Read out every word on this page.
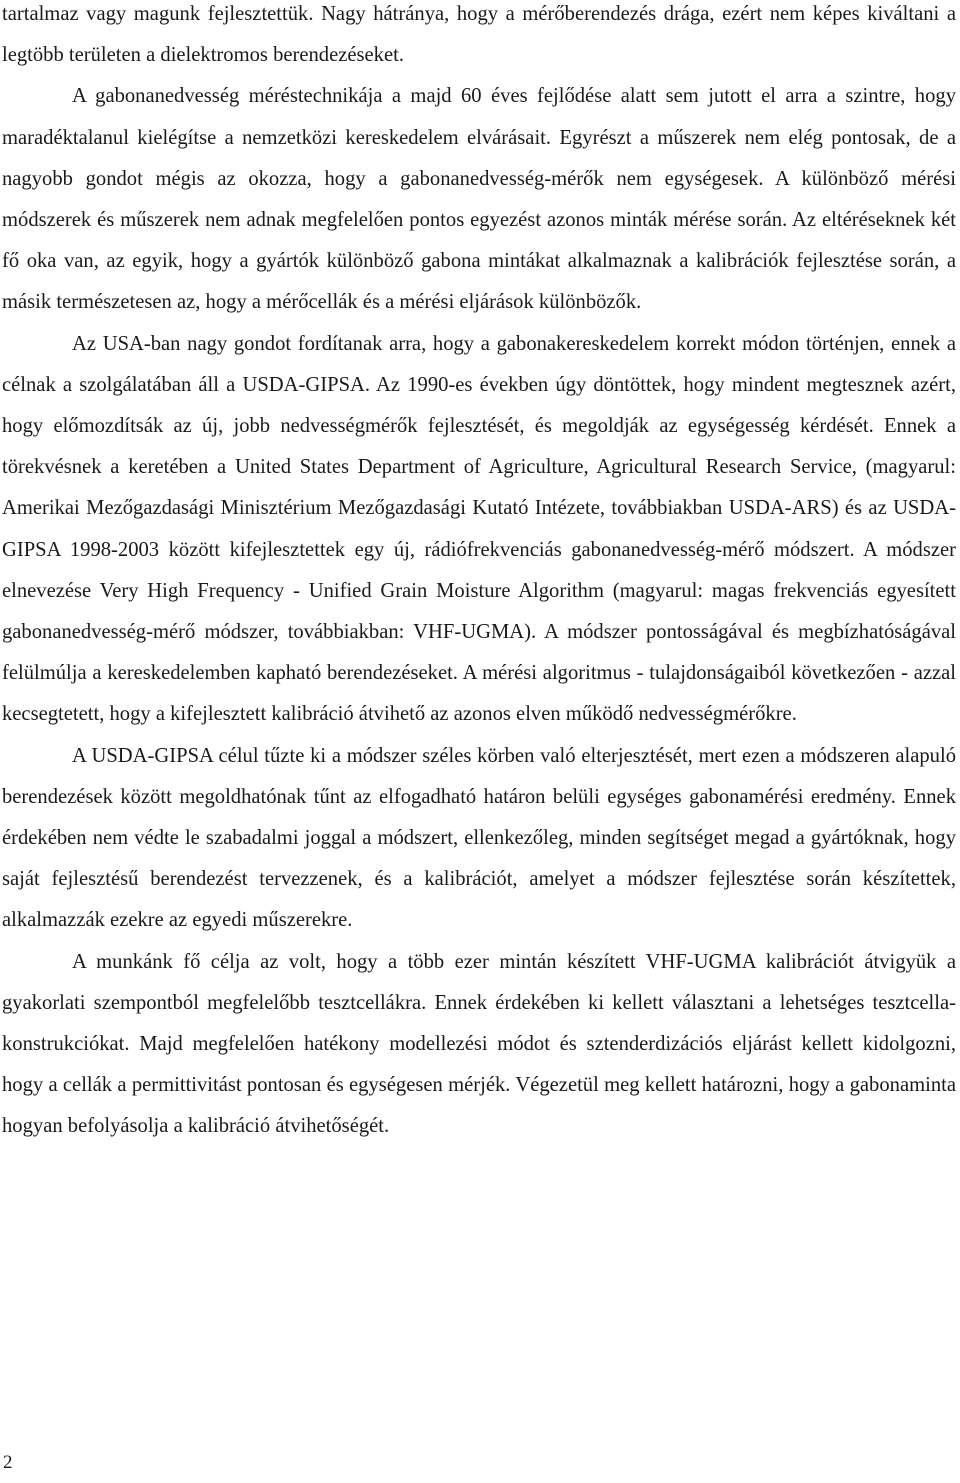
tartalmaz vagy magunk fejlesztettük. Nagy hátránya, hogy a mérőberendezés drága, ezért nem képes kiváltani a legtöbb területen a dielektromos berendezéseket.

A gabonanedvesség méréstechnikája a majd 60 éves fejlődése alatt sem jutott el arra a szintre, hogy maradéktalanul kielégítse a nemzetközi kereskedelem elvárásait. Egyrészt a műszerek nem elég pontosak, de a nagyobb gondot mégis az okozza, hogy a gabonanedvesség-mérők nem egységesek. A különböző mérési módszerek és műszerek nem adnak megfelelően pontos egyezést azonos minták mérése során. Az eltéréseknek két fő oka van, az egyik, hogy a gyártók különböző gabona mintákat alkalmaznak a kalibrációk fejlesztése során, a másik természetesen az, hogy a mérőcellák és a mérési eljárások különbözők.

Az USA-ban nagy gondot fordítanak arra, hogy a gabonakereskedelem korrekt módon történjen, ennek a célnak a szolgálatában áll a USDA-GIPSA. Az 1990-es években úgy döntöttek, hogy mindent megtesznek azért, hogy előmozdítsák az új, jobb nedvességmérők fejlesztését, és megoldják az egységesség kérdését. Ennek a törekvésnek a keretében a United States Department of Agriculture, Agricultural Research Service, (magyarul: Amerikai Mezőgazdasági Minisztérium Mezőgazdasági Kutató Intézete, továbbiakban USDA-ARS) és az USDA-GIPSA 1998-2003 között kifejlesztettek egy új, rádiófrekvenciás gabonanedvesség-mérő módszert. A módszer elnevezése Very High Frequency - Unified Grain Moisture Algorithm (magyarul: magas frekvenciás egyesített gabonanedvesség-mérő módszer, továbbiakban: VHF-UGMA). A módszer pontosságával és megbízhatóságával felülmúlja a kereskedelemben kapható berendezéseket. A mérési algoritmus - tulajdonságaiból következően - azzal kecsegtetett, hogy a kifejlesztett kalibráció átvihető az azonos elven működő nedvességmérőkre.

A USDA-GIPSA célul tűzte ki a módszer széles körben való elterjesztését, mert ezen a módszeren alapuló berendezések között megoldhatónak tűnt az elfogadható határon belüli egységes gabonamérési eredmény. Ennek érdekében nem védte le szabadalmi joggal a módszert, ellenkezőleg, minden segítséget megad a gyártóknak, hogy saját fejlesztésű berendezést tervezzenek, és a kalibrációt, amelyet a módszer fejlesztése során készítettek, alkalmazzák ezekre az egyedi műszerekre.

A munkánk fő célja az volt, hogy a több ezer mintán készített VHF-UGMA kalibrációt átvigyük a gyakorlati szempontból megfelelőbb tesztcellákra. Ennek érdekében ki kellett választani a lehetséges tesztcella-konstrukciókat. Majd megfelelően hatékony modellezési módot és sztenderdizációs eljárást kellett kidolgozni, hogy a cellák a permittivitást pontosan és egységesen mérjék. Végezetül meg kellett határozni, hogy a gabonaminta hogyan befolyásolja a kalibráció átvihetőségét.

2
